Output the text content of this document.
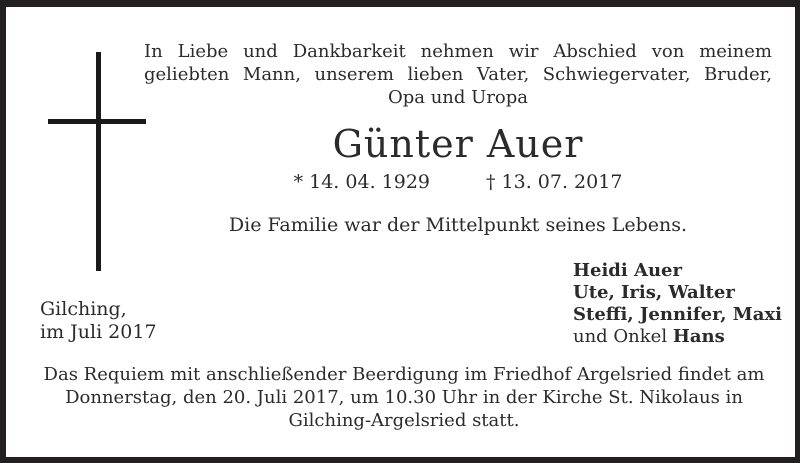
In Liebe und Dankbarkeit nehmen wir Abschied von meinem
geliebten Mann, unserem lieben Vater, Schwiegervater, Bruder,
Opa und Uropa
Günter Auer
* 14. 04. 1929	† 13. 07. 2017
Die Familie war der Mittelpunkt seines Lebens.
Heidi Auer
Ute, Iris, Walter
Steffi, Jennifer, Maxi
und Onkel Hans
Gilching,
im Juli 2017
Das Requiem mit anschließender Beerdigung im Friedhof Argelsried findet am
Donnerstag, den 20. Juli 2017, um 10.30 Uhr in der Kirche St. Nikolaus in
Gilching-Argelsried statt.
